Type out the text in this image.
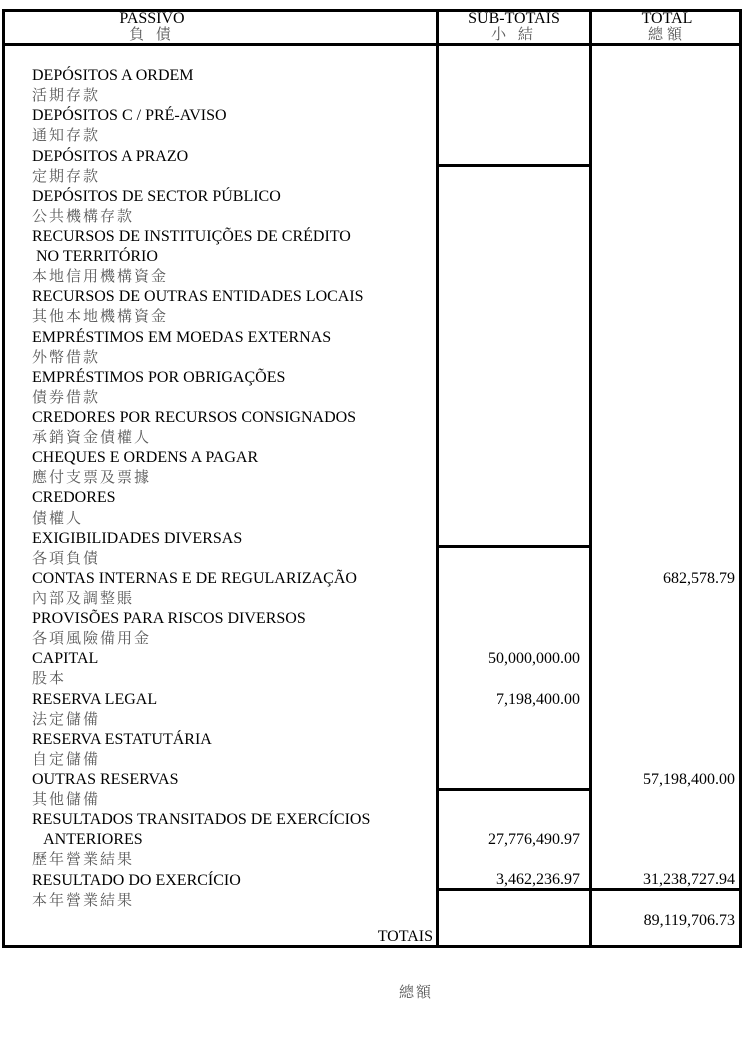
PASSIVO
負 債
SUB-TOTAIS
小 結
TOTAL
總額

DEPÓSITOS A ORDEM

活期存款

DEPÓSITOS C / PRÉ-AVISO

通知存款

DEPÓSITOS A PRAZO

定期存款

DEPÓSITOS DE SECTOR PÚBLICO

公共機構存款

RECURSOS DE INSTITUIÇÕES DE CRÉDITO

NO TERRITÓRIO

本地信用機構資金

RECURSOS DE OUTRAS ENTIDADES LOCAIS

其他本地機構資金

EMPRÉSTIMOS EM MOEDAS EXTERNAS

外幣借款

EMPRÉSTIMOS POR OBRIGAÇÕES

債券借款

CREDORES POR RECURSOS CONSIGNADOS

承銷資金債權人

CHEQUES E ORDENS A PAGAR

應付支票及票據

CREDORES

債權人

EXIGIBILIDADES DIVERSAS

各項負債

CONTAS INTERNAS E DE REGULARIZAÇÃO

內部及調整賬

682,578.79

PROVISÕES PARA RISCOS DIVERSOS

各項風險備用金

CAPITAL

股本

50,000,000.00

RESERVA LEGAL

法定儲備

7,198,400.00

RESERVA ESTATUTÁRIA

自定儲備

OUTRAS RESERVAS

其他儲備

57,198,400.00

RESULTADOS TRANSITADOS DE EXERCÍCIOS

ANTERIORES

歷年營業結果

27,776,490.97

RESULTADO DO EXERCÍCIO

本年營業結果

3,462,236.97

	31,238,727.94

TOTAIS

總額

89,119,706.73
